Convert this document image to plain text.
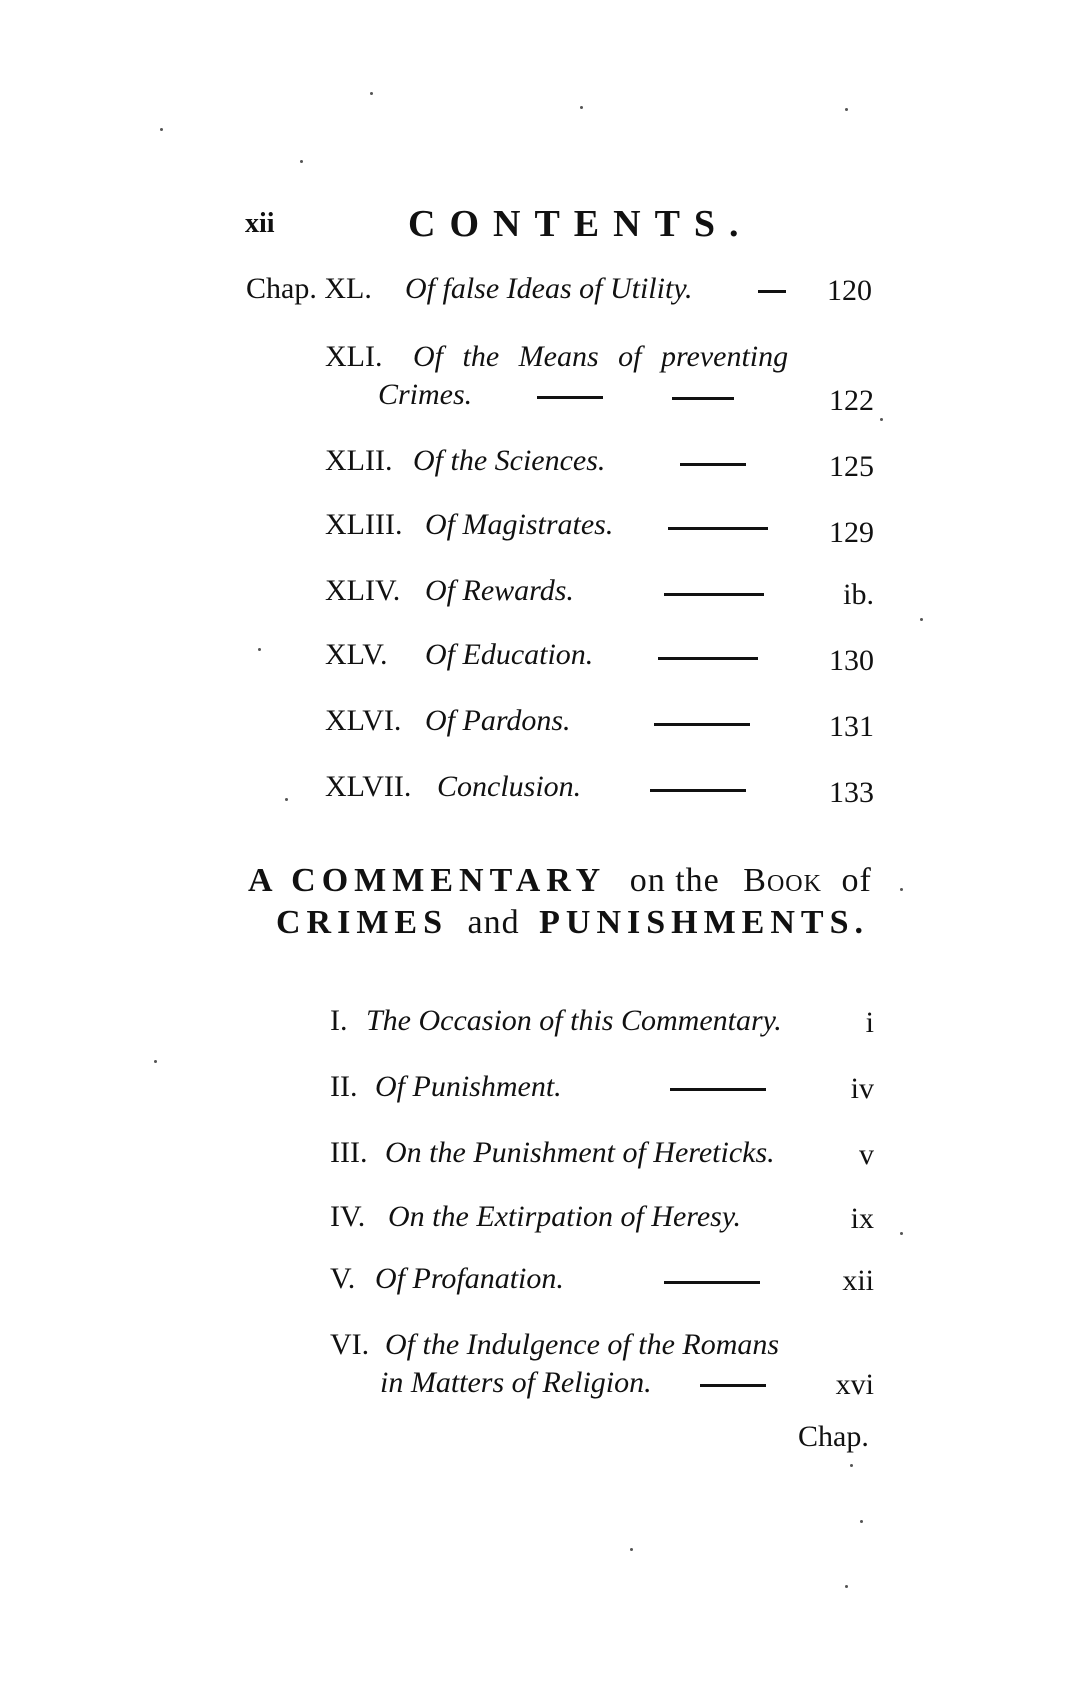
xii	CONTENTS.
Chap. XL. Of false Ideas of Utility.	120
XLI. Of the Means of preventing
Crimes.	122
XLII. Of the Sciences.	125
XLIII. Of Magistrates.	129
XLIV. Of Rewards.	ib.
XLV. Of Education.	130
XLVI. Of Pardons.	131
XLVII. Conclusion.	133
A COMMENTARY on the Book of
CRIMES and PUNISHMENTS.
I. The Occasion of this Commentary.	i
II. Of Punishment.	iv
III. On the Punishment of Hereticks.	v
IV. On the Extirpation of Heresy.	ix
V. Of Profanation.	xii
VI. Of the Indulgence of the Romans
in Matters of Religion.	xvi
Chap.
